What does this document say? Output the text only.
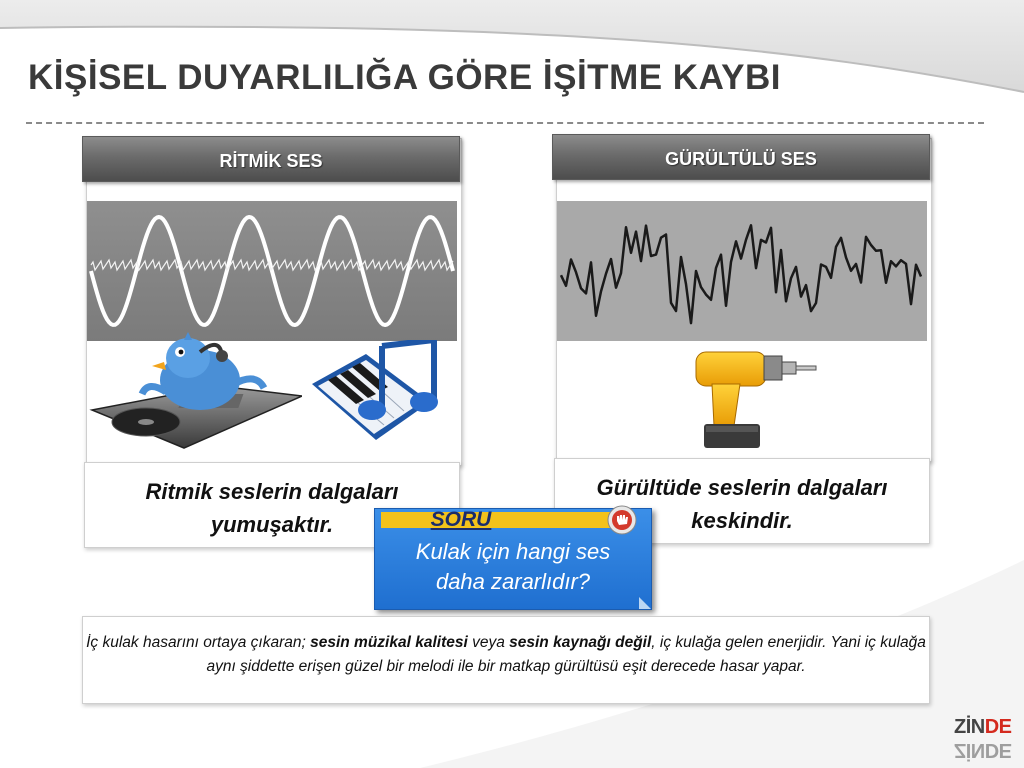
KİŞİSEL DUYARLILIĞA GÖRE İŞİTME KAYBI
RİTMİK SES
Ritmik seslerin dalgaları
yumuşaktır.
GÜRÜLTÜLÜ SES
Gürültüde seslerin dalgaları
keskindir.
SORU
Kulak için hangi ses
daha zararlıdır?
İç kulak hasarını ortaya çıkaran; sesin müzikal kalitesi veya sesin kaynağı değil, iç kulağa gelen enerjidir. Yani iç kulağa aynı şiddette erişen güzel bir melodi ile bir matkap gürültüsü eşit derecede hasar yapar.
ZİNDE
ZİNDE
